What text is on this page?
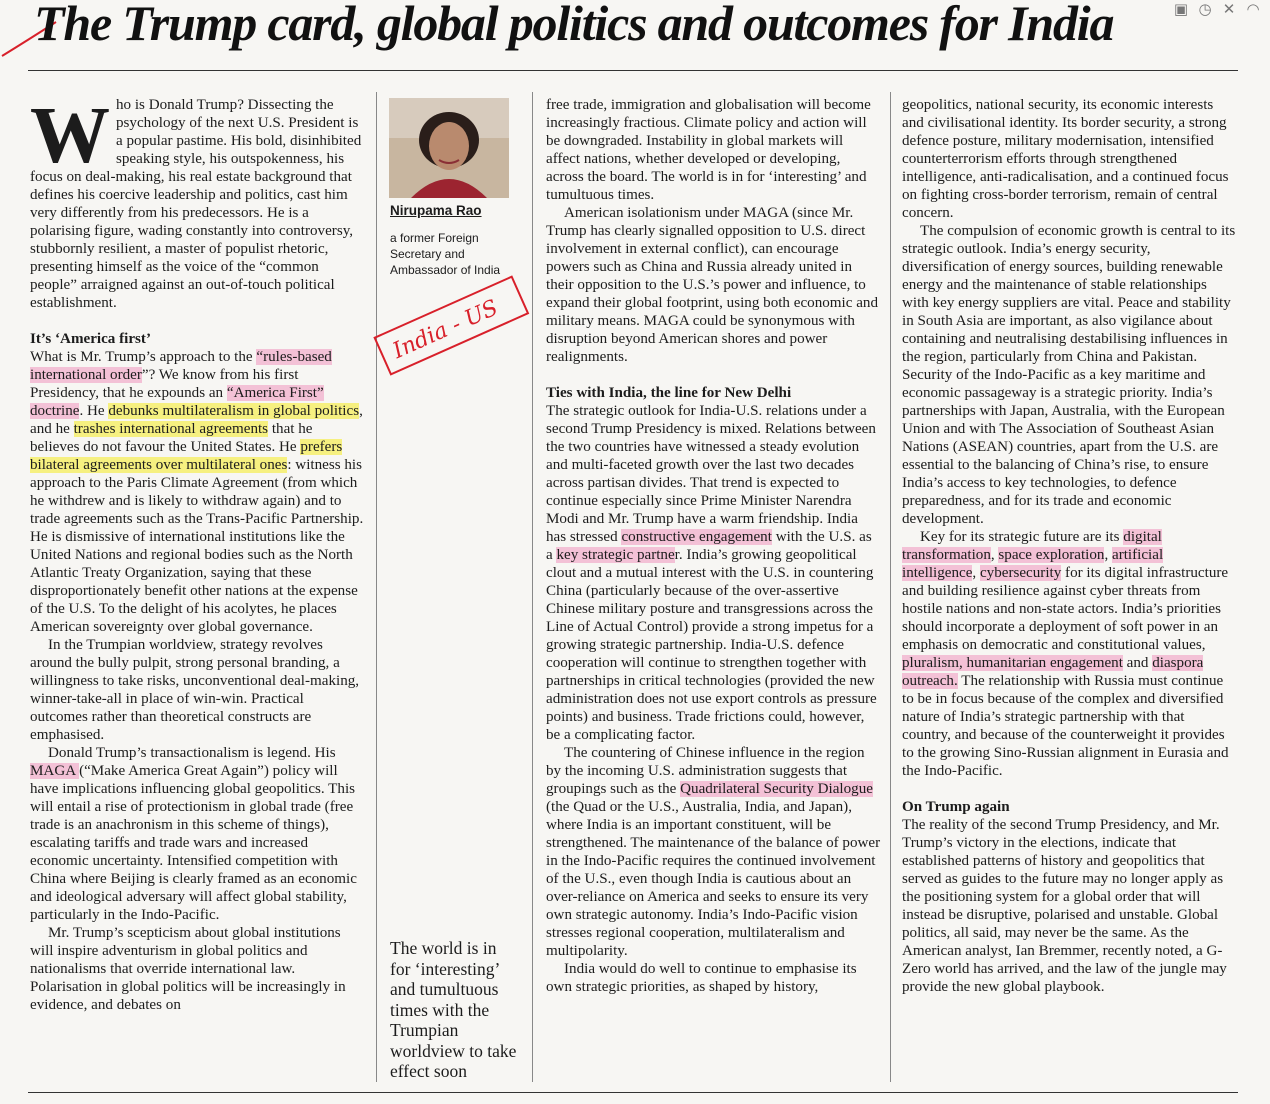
▣ ◷ ✕ ◠
The Trump card, global politics and outcomes for India

Who is Donald Trump? Dissecting the psychology of the next U.S. President is a popular pastime. His bold, disinhibited speaking style, his outspokenness, his focus on deal-making, his real estate background that defines his coercive leadership and politics, cast him very differently from his predecessors. He is a polarising figure, wading constantly into controversy, stubbornly resilient, a master of populist rhetoric, presenting himself as the voice of the “common people” arraigned against an out-of-touch political establishment.

It’s ‘America first’

What is Mr. Trump’s approach to the “rules-based international order”? We know from his first Presidency, that he expounds an “America First” doctrine. He debunks multilateralism in global politics, and he trashes international agreements that he believes do not favour the United States. He prefers bilateral agreements over multilateral ones: witness his approach to the Paris Climate Agreement (from which he withdrew and is likely to withdraw again) and to trade agreements such as the Trans-Pacific Partnership. He is dismissive of international institutions like the United Nations and regional bodies such as the North Atlantic Treaty Organization, saying that these disproportionately benefit other nations at the expense of the U.S. To the delight of his acolytes, he places American sovereignty over global governance.

In the Trumpian worldview, strategy revolves around the bully pulpit, strong personal branding, a willingness to take risks, unconventional deal-making, winner-take-all in place of win-win. Practical outcomes rather than theoretical constructs are emphasised.

Donald Trump’s transactionalism is legend. His MAGA (“Make America Great Again”) policy will have implications influencing global geopolitics. This will entail a rise of protectionism in global trade (free trade is an anachronism in this scheme of things), escalating tariffs and trade wars and increased economic uncertainty. Intensified competition with China where Beijing is clearly framed as an economic and ideological adversary will affect global stability, particularly in the Indo-Pacific.

Mr. Trump’s scepticism about global institutions will inspire adventurism in global politics and nationalisms that override international law. Polarisation in global politics will be increasingly in evidence, and debates on

Nirupama Rao
a former Foreign Secretary and Ambassador of India
India - US
The world is in for ‘interesting’ and tumultuous times with the Trumpian worldview to take effect soon

free trade, immigration and globalisation will become increasingly fractious. Climate policy and action will be downgraded. Instability in global markets will affect nations, whether developed or developing, across the board. The world is in for ‘interesting’ and tumultuous times.

American isolationism under MAGA (since Mr. Trump has clearly signalled opposition to U.S. direct involvement in external conflict), can encourage powers such as China and Russia already united in their opposition to the U.S.’s power and influence, to expand their global footprint, using both economic and military means. MAGA could be synonymous with disruption beyond American shores and power realignments.

Ties with India, the line for New Delhi

The strategic outlook for India-U.S. relations under a second Trump Presidency is mixed. Relations between the two countries have witnessed a steady evolution and multi-faceted growth over the last two decades across partisan divides. That trend is expected to continue especially since Prime Minister Narendra Modi and Mr. Trump have a warm friendship. India has stressed constructive engagement with the U.S. as a key strategic partner. India’s growing geopolitical clout and a mutual interest with the U.S. in countering China (particularly because of the over-assertive Chinese military posture and transgressions across the Line of Actual Control) provide a strong impetus for a growing strategic partnership. India-U.S. defence cooperation will continue to strengthen together with partnerships in critical technologies (provided the new administration does not use export controls as pressure points) and business. Trade frictions could, however, be a complicating factor.

The countering of Chinese influence in the region by the incoming U.S. administration suggests that groupings such as the Quadrilateral Security Dialogue (the Quad or the U.S., Australia, India, and Japan), where India is an important constituent, will be strengthened. The maintenance of the balance of power in the Indo-Pacific requires the continued involvement of the U.S., even though India is cautious about an over-reliance on America and seeks to ensure its very own strategic autonomy. India’s Indo-Pacific vision stresses regional cooperation, multilateralism and multipolarity.

India would do well to continue to emphasise its own strategic priorities, as shaped by history,

geopolitics, national security, its economic interests and civilisational identity. Its border security, a strong defence posture, military modernisation, intensified counterterrorism efforts through strengthened intelligence, anti-radicalisation, and a continued focus on fighting cross-border terrorism, remain of central concern.

The compulsion of economic growth is central to its strategic outlook. India’s energy security, diversification of energy sources, building renewable energy and the maintenance of stable relationships with key energy suppliers are vital. Peace and stability in South Asia are important, as also vigilance about containing and neutralising destabilising influences in the region, particularly from China and Pakistan. Security of the Indo-Pacific as a key maritime and economic passageway is a strategic priority. India’s partnerships with Japan, Australia, with the European Union and with The Association of Southeast Asian Nations (ASEAN) countries, apart from the U.S. are essential to the balancing of China’s rise, to ensure India’s access to key technologies, to defence preparedness, and for its trade and economic development.

Key for its strategic future are its digital transformation, space exploration, artificial intelligence, cybersecurity for its digital infrastructure and building resilience against cyber threats from hostile nations and non-state actors. India’s priorities should incorporate a deployment of soft power in an emphasis on democratic and constitutional values, pluralism, humanitarian engagement and diaspora outreach. The relationship with Russia must continue to be in focus because of the complex and diversified nature of India’s strategic partnership with that country, and because of the counterweight it provides to the growing Sino-Russian alignment in Eurasia and the Indo-Pacific.

On Trump again

The reality of the second Trump Presidency, and Mr. Trump’s victory in the elections, indicate that established patterns of history and geopolitics that served as guides to the future may no longer apply as the positioning system for a global order that will instead be disruptive, polarised and unstable. Global politics, all said, may never be the same. As the American analyst, Ian Bremmer, recently noted, a G-Zero world has arrived, and the law of the jungle may provide the new global playbook.
